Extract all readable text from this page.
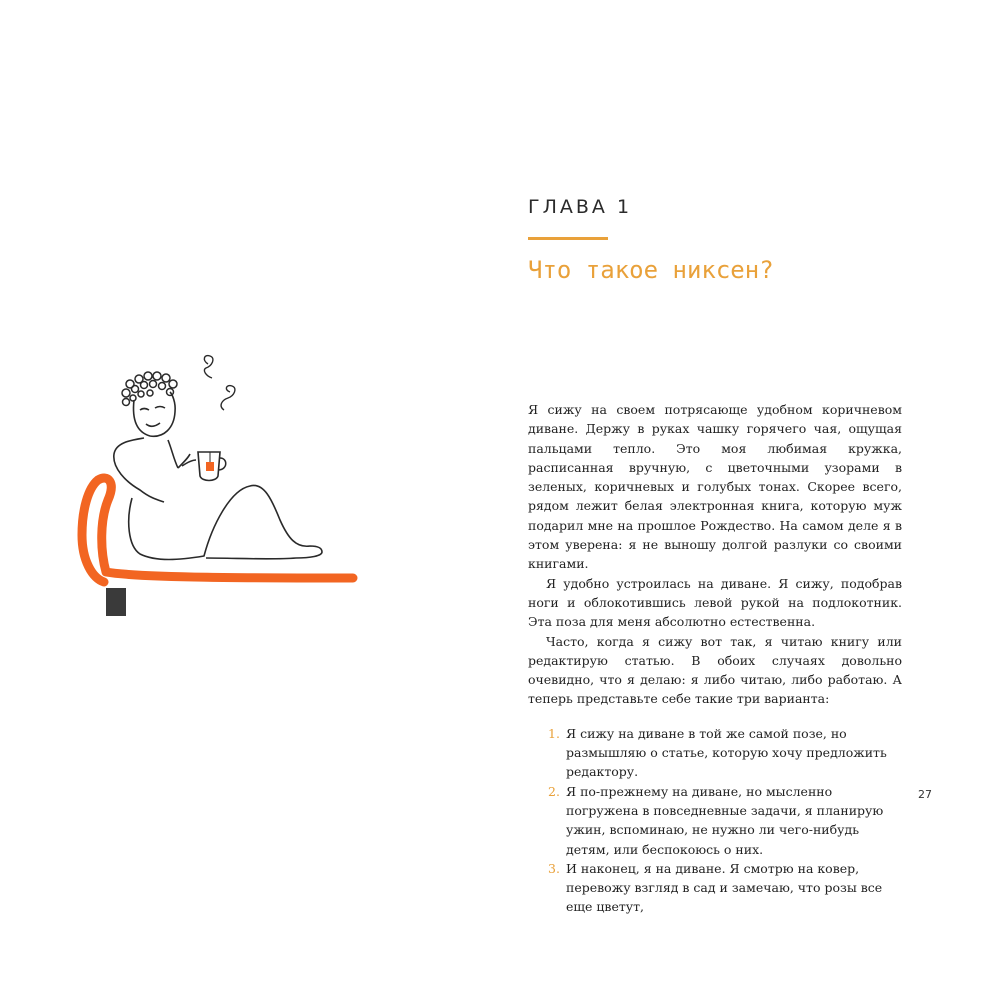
ГЛАВА 1
Что такое никсен?

Я сижу на своем потрясающе удобном коричневом диване. Держу в руках чашку горячего чая, ощущая пальцами тепло. Это моя любимая кружка, расписанная вручную, с цветочными узорами в зеленых, коричневых и голубых тонах. Скорее всего, рядом лежит белая электронная книга, которую муж подарил мне на прошлое Рождество. На самом деле я в этом уверена: я не выношу долгой разлуки со своими книгами.

Я удобно устроилась на диване. Я сижу, подобрав ноги и облокотившись левой рукой на подлокотник. Эта поза для меня абсолютно естественна.

Часто, когда я сижу вот так, я читаю книгу или редактирую статью. В обоих случаях довольно очевидно, что я делаю: я либо читаю, либо работаю. А теперь представьте себе такие три варианта:

1. Я сижу на диване в той же самой позе, но размышляю о статье, которую хочу предложить редактору.
2. Я по-прежнему на диване, но мысленно погружена в повседневные задачи, я планирую ужин, вспоминаю, не нужно ли чего-нибудь детям, или беспокоюсь о них.
3. И наконец, я на диване. Я смотрю на ковер, перевожу взгляд в сад и замечаю, что розы все еще цветут,
27
